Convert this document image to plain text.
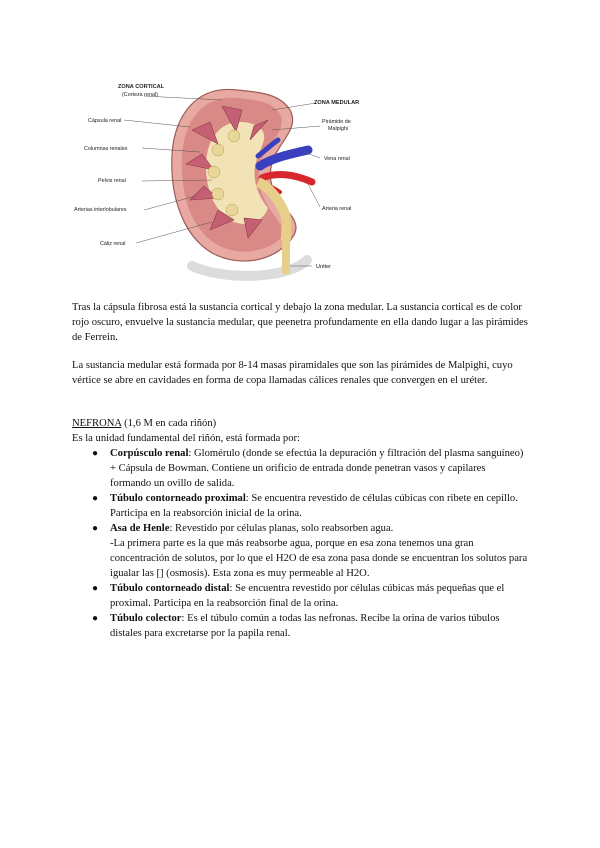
ZONA CORTICAL
(Corteza renal)
Cápsula renal
Columnas renales
Pelvis renal
Arterias interlobulares
Cáliz renal
ZONA MEDULAR
Pirámide de
Malpighi
Vena renal
Arteria renal
Uréter

Tras la cápsula fibrosa está la sustancia cortical y debajo la zona medular. La sustancia cortical es de color rojo oscuro, envuelve la sustancia medular, que peenetra profundamente en ella dando lugar a las pirámides de Ferrein.

La sustancia medular está formada por 8-14 masas piramidales que son las pirámides de Malpighi, cuyo vértice se abre en cavidades en forma de copa llamadas cálices renales que convergen en el uréter.

NEFRONA (1,6 M en cada riñón)
Es la unidad fundamental del riñón, está formada por:
● Corpúsculo renal: Glomérulo (donde se efectúa la depuración y filtración del plasma sanguíneo) + Cápsula de Bowman. Contiene un orificio de entrada donde penetran vasos y capilares formando un ovillo de salida.
● Túbulo contorneado proximal: Se encuentra revestido de células cúbicas con ribete en cepillo. Participa en la reabsorción inicial de la orina.
● Asa de Henle: Revestido por células planas, solo reabsorben agua.
-La primera parte es la que más reabsorbe agua, porque en esa zona tenemos una gran concentración de solutos, por lo que el H2O de esa zona pasa donde se encuentran los solutos para igualar las [] (osmosis). Esta zona es muy permeable al H2O.
● Túbulo contorneado distal: Se encuentra revestido por células cúbicas más pequeñas que el proximal. Participa en la reabsorción final de la orina.
● Túbulo colector: Es el túbulo común a todas las nefronas. Recibe la orina de varios túbulos distales para excretarse por la papila renal.
